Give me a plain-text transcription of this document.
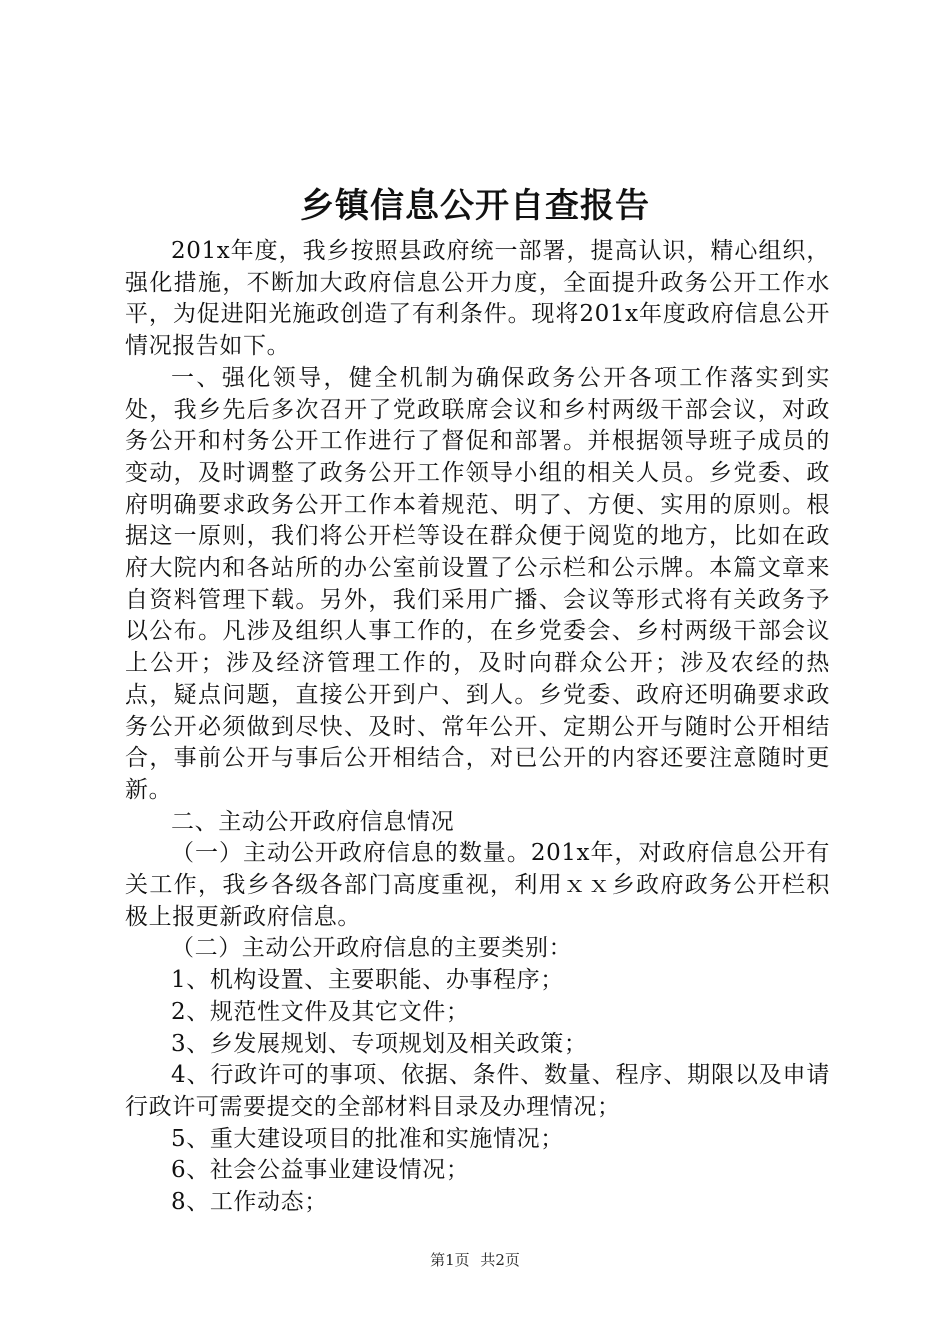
乡镇信息公开自查报告

201x年度，我乡按照县政府统一部署，提高认识，精心组织，强化措施，不断加大政府信息公开力度，全面提升政务公开工作水平，为促进阳光施政创造了有利条件。现将201x年度政府信息公开情况报告如下。

一、强化领导，健全机制为确保政务公开各项工作落实到实处，我乡先后多次召开了党政联席会议和乡村两级干部会议，对政务公开和村务公开工作进行了督促和部署。并根据领导班子成员的变动，及时调整了政务公开工作领导小组的相关人员。乡党委、政府明确要求政务公开工作本着规范、明了、方便、实用的原则。根据这一原则，我们将公开栏等设在群众便于阅览的地方，比如在政府大院内和各站所的办公室前设置了公示栏和公示牌。本篇文章来自资料管理下载。另外，我们采用广播、会议等形式将有关政务予以公布。凡涉及组织人事工作的，在乡党委会、乡村两级干部会议上公开；涉及经济管理工作的，及时向群众公开；涉及农经的热点，疑点问题，直接公开到户、到人。乡党委、政府还明确要求政务公开必须做到尽快、及时、常年公开、定期公开与随时公开相结合，事前公开与事后公开相结合，对已公开的内容还要注意随时更新。

二、主动公开政府信息情况

（一）主动公开政府信息的数量。201x年，对政府信息公开有关工作，我乡各级各部门高度重视，利用ｘｘ乡政府政务公开栏积极上报更新政府信息。

（二）主动公开政府信息的主要类别：

1、机构设置、主要职能、办事程序；

2、规范性文件及其它文件；

3、乡发展规划、专项规划及相关政策；

4、行政许可的事项、依据、条件、数量、程序、期限以及申请行政许可需要提交的全部材料目录及办理情况；

5、重大建设项目的批准和实施情况；

6、社会公益事业建设情况；

8、工作动态；

第1页 共2页
